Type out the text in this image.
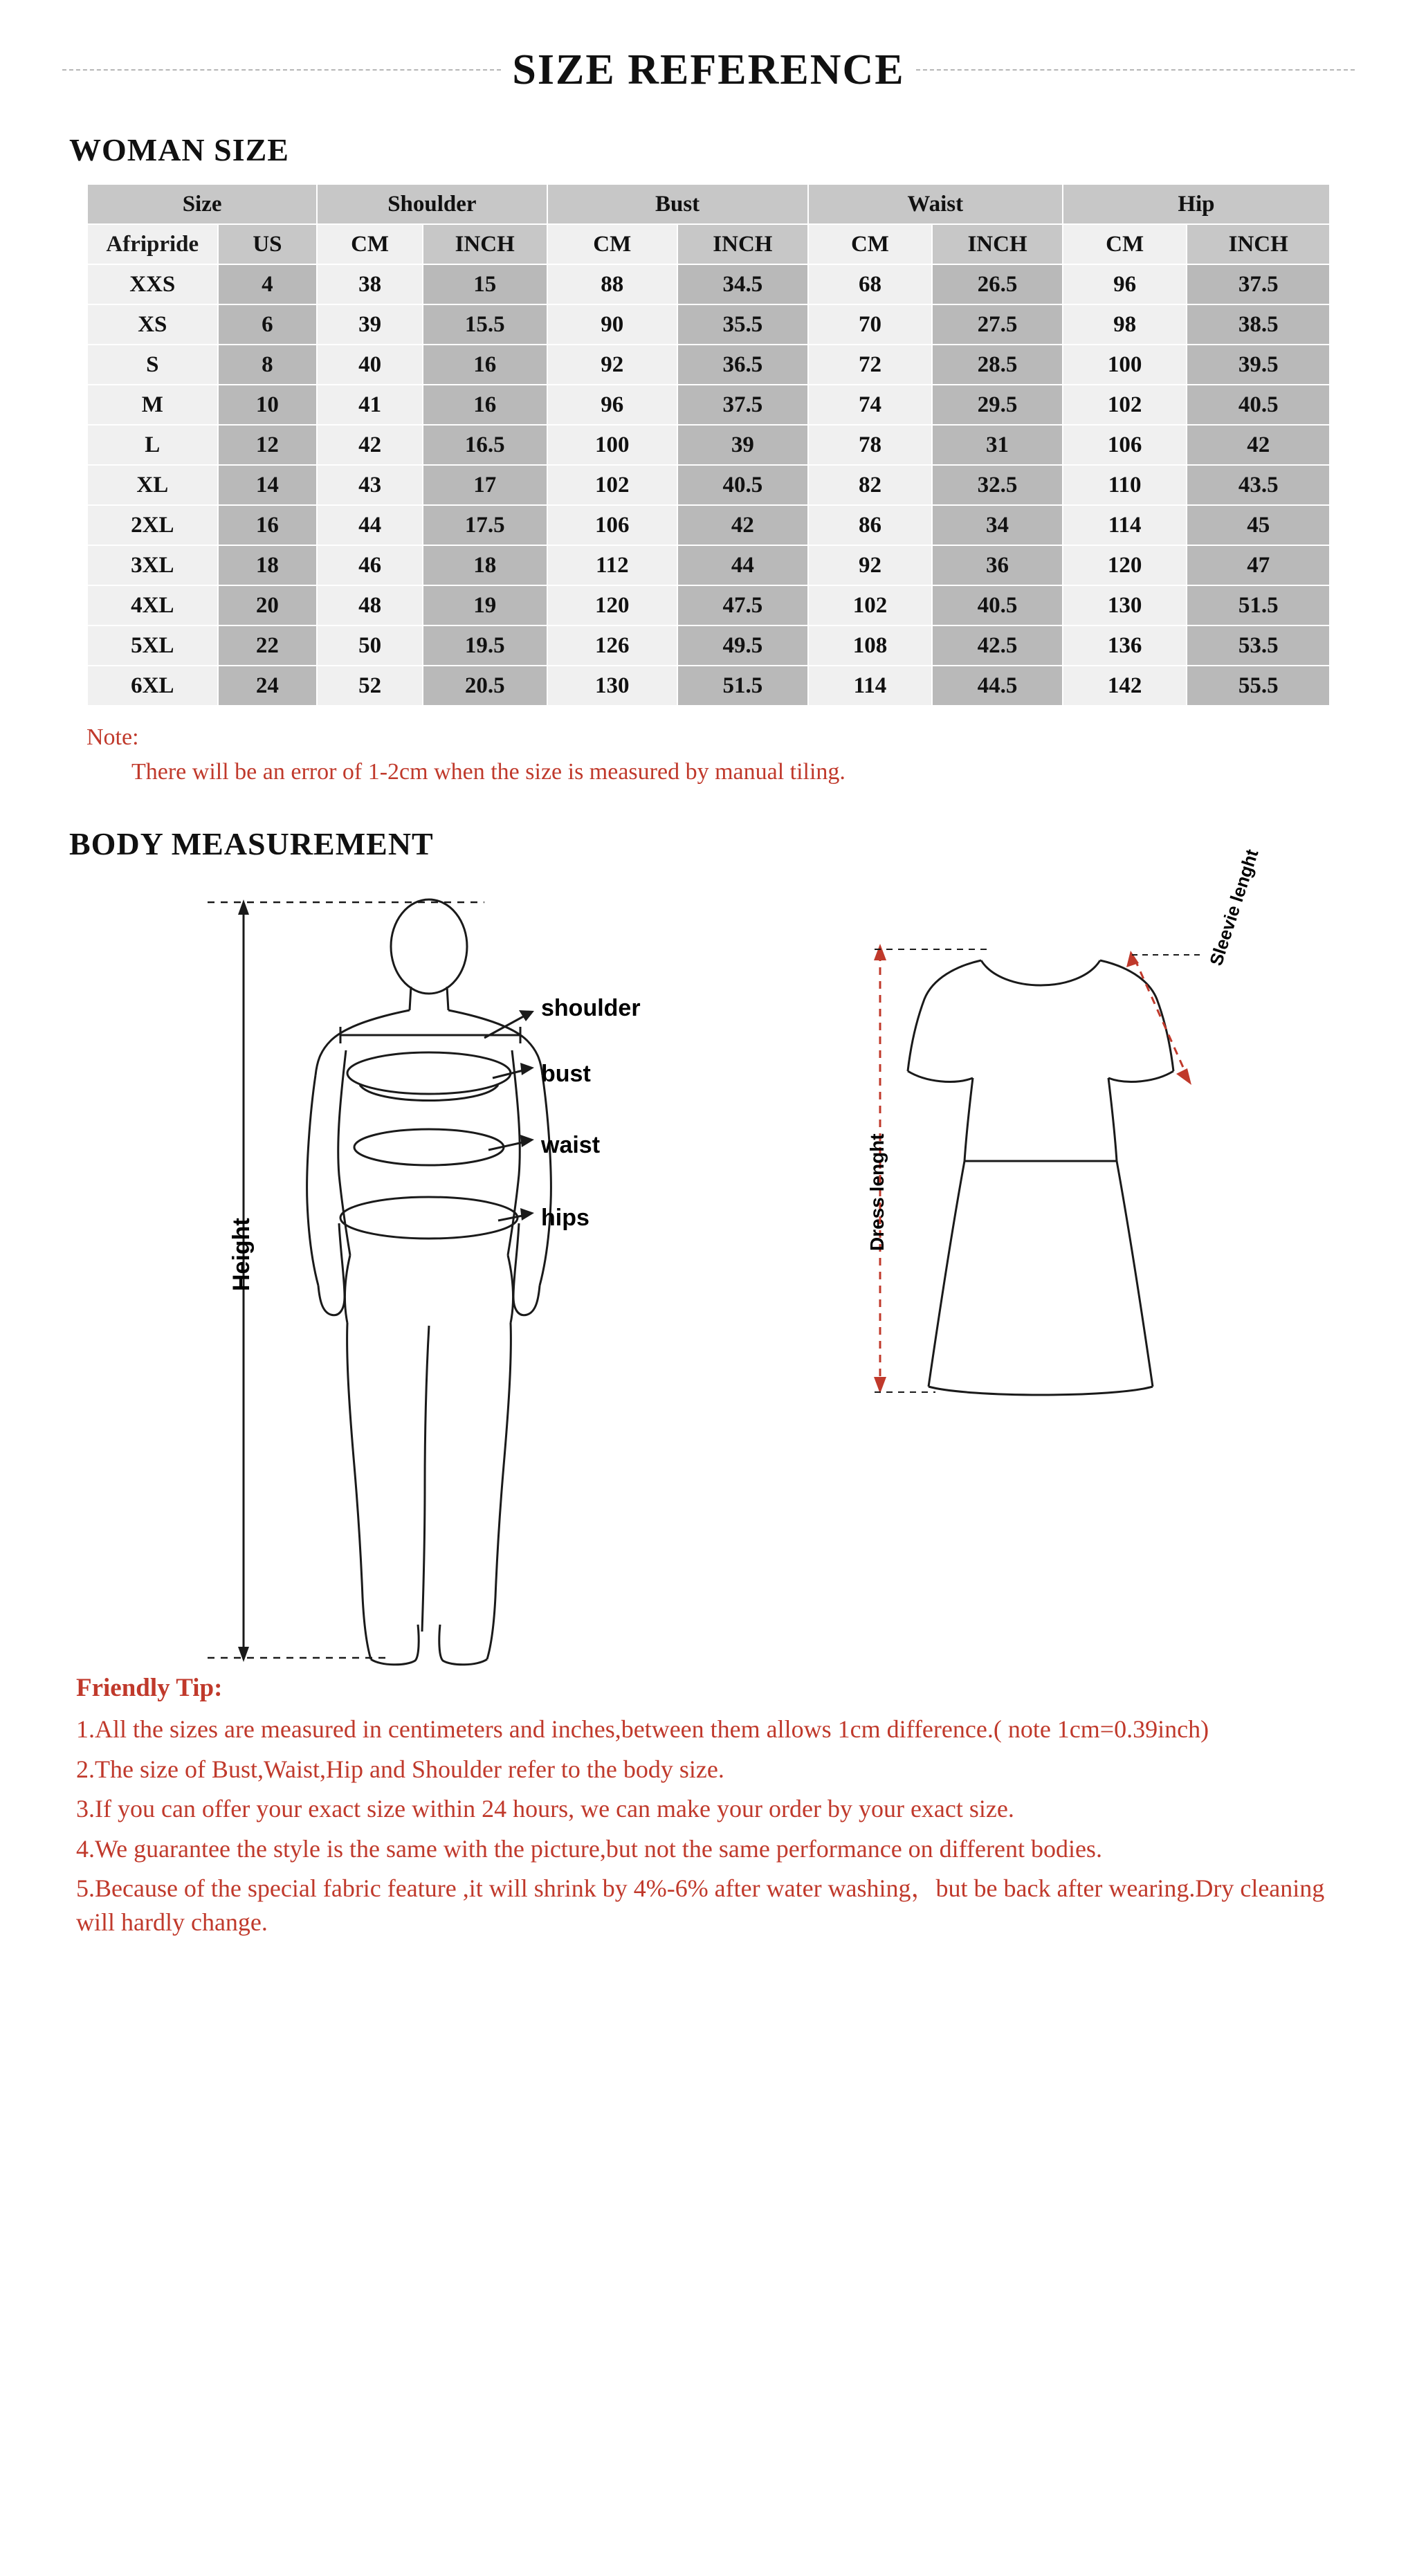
SIZE REFERENCE
WOMAN SIZE
Size		Shoulder		Bust		Waist		Hip	
Afripride	US	CM	INCH	CM	INCH	CM	INCH	CM	INCH
XXS	4	38	15	88	34.5	68	26.5	96	37.5
XS	6	39	15.5	90	35.5	70	27.5	98	38.5
S	8	40	16	92	36.5	72	28.5	100	39.5
M	10	41	16	96	37.5	74	29.5	102	40.5
L	12	42	16.5	100	39	78	31	106	42
XL	14	43	17	102	40.5	82	32.5	110	43.5
2XL	16	44	17.5	106	42	86	34	114	45
3XL	18	46	18	112	44	92	36	120	47
4XL	20	48	19	120	47.5	102	40.5	130	51.5
5XL	22	50	19.5	126	49.5	108	42.5	136	53.5
6XL	24	52	20.5	130	51.5	114	44.5	142	55.5
Note:
There will be an error of 1-2cm when the size is measured by manual tiling.
BODY MEASUREMENT
Height
shoulder
bust
waist
hips	Dress lenght
Sleevie lenght
Friendly Tip:
1.All the sizes are measured in centimeters and inches,between them allows 1cm difference.( note 1cm=0.39inch)
2.The size of Bust,Waist,Hip and Shoulder refer to the body size.
3.If you can offer your exact size within 24 hours, we can make your order by your exact size.
4.We guarantee the style is the same with the picture,but not the same performance on different bodies.
5.Because of the special fabric feature ,it will shrink by 4%-6% after water washing，but be back after wearing.Dry cleaning will hardly change.
